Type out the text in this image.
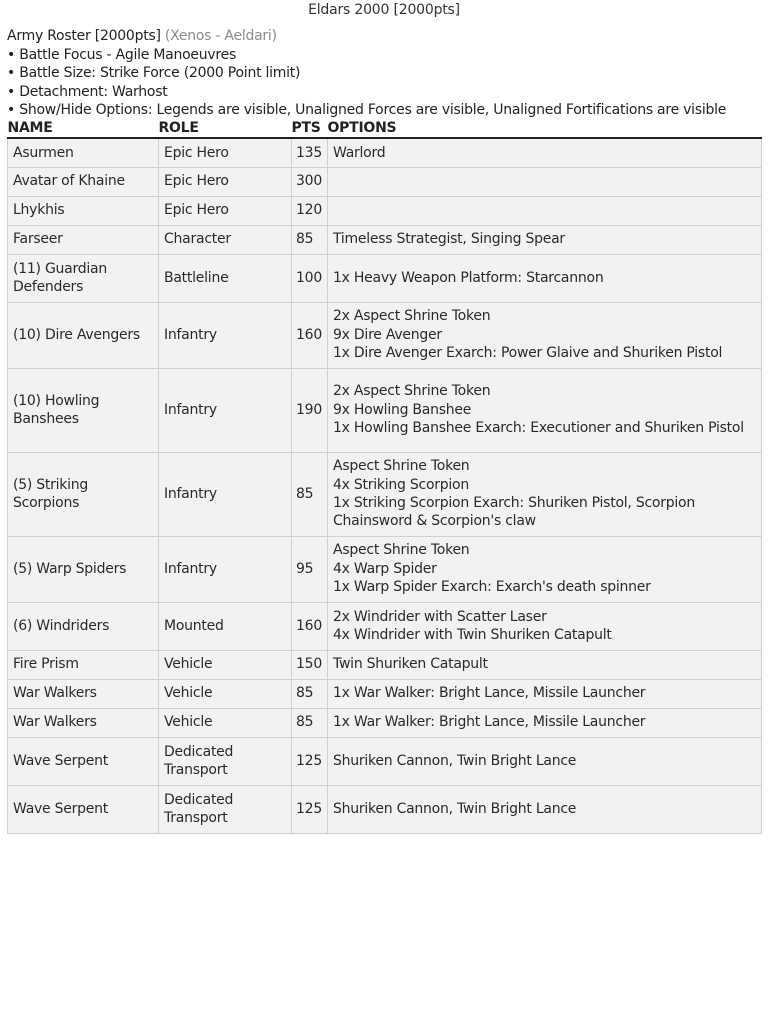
Eldars 2000 [2000pts]
Army Roster [2000pts] (Xenos - Aeldari)
• Battle Focus - Agile Manoeuvres
• Battle Size: Strike Force (2000 Point limit)
• Detachment: Warhost
• Show/Hide Options: Legends are visible, Unaligned Forces are visible, Unaligned Fortifications are visible
NAME	ROLE	PTS	OPTIONS
Asurmen	Epic Hero	135	Warlord

Avatar of Khaine	Epic Hero	300	
Lhykhis	Epic Hero	120	
Farseer	Character	85	Timeless Strategist, Singing Spear

(11) Guardian Defenders	Battleline	100	1x Heavy Weapon Platform: Starcannon

(10) Dire Avengers	Infantry	160	2x Aspect Shrine Token
9x Dire Avenger
1x Dire Avenger Exarch: Power Glaive and Shuriken Pistol

(10) Howling Banshees	Infantry	190	2x Aspect Shrine Token
9x Howling Banshee
1x Howling Banshee Exarch: Executioner and Shuriken Pistol

(5) Striking Scorpions	Infantry	85	Aspect Shrine Token
4x Striking Scorpion
1x Striking Scorpion Exarch: Shuriken Pistol, Scorpion Chainsword & Scorpion's claw

(5) Warp Spiders	Infantry	95	Aspect Shrine Token
4x Warp Spider
1x Warp Spider Exarch: Exarch's death spinner

(6) Windriders	Mounted	160	2x Windrider with Scatter Laser
4x Windrider with Twin Shuriken Catapult

Fire Prism	Vehicle	150	Twin Shuriken Catapult

War Walkers	Vehicle	85	1x War Walker: Bright Lance, Missile Launcher

War Walkers	Vehicle	85	1x War Walker: Bright Lance, Missile Launcher

Wave Serpent	Dedicated Transport	125	Shuriken Cannon, Twin Bright Lance

Wave Serpent	Dedicated Transport	125	Shuriken Cannon, Twin Bright Lance
